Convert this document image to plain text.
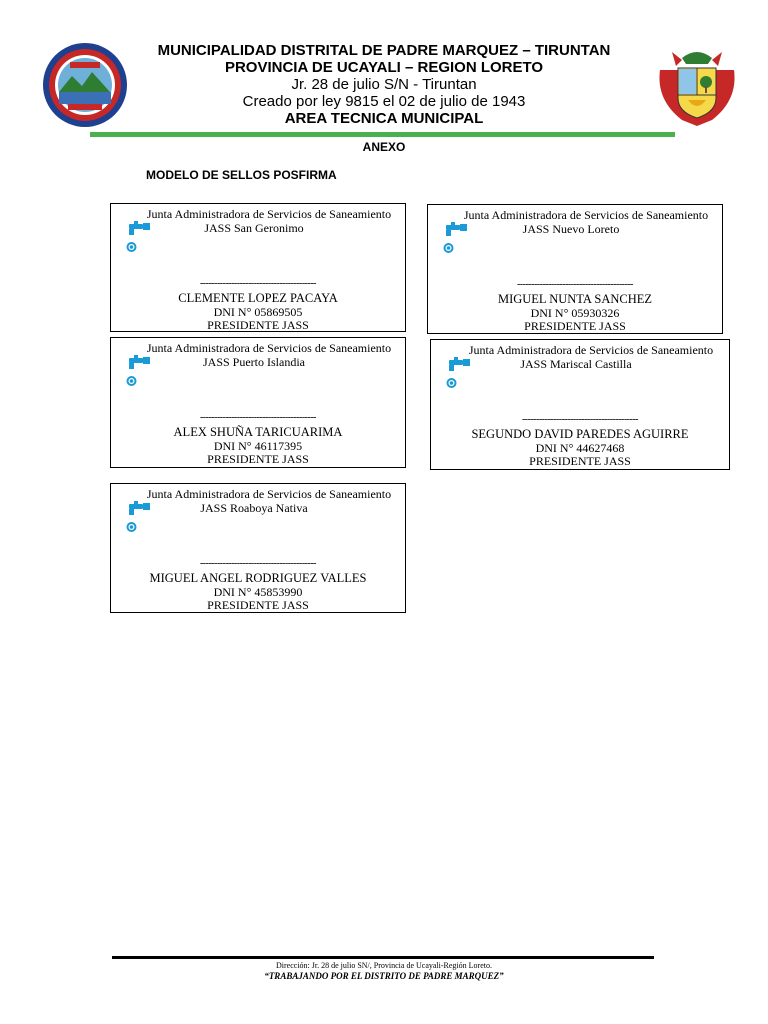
MUNICIPALIDAD DISTRITAL DE PADRE MARQUEZ – TIRUNTAN
PROVINCIA DE UCAYALI – REGION LORETO
Jr. 28 de julio S/N - Tiruntan
Creado por ley 9815 el 02 de julio de 1943
AREA TECNICA MUNICIPAL
ANEXO
MODELO DE SELLOS POSFIRMA
Junta Administradora de Servicios de Saneamiento
JASS San Geronimo
-----------------------------------------
CLEMENTE LOPEZ PACAYA
DNI N° 05869505
PRESIDENTE JASS
Junta Administradora de Servicios de Saneamiento
JASS Nuevo Loreto
-----------------------------------------
MIGUEL NUNTA SANCHEZ
DNI N° 05930326
PRESIDENTE JASS
Junta Administradora de Servicios de Saneamiento
JASS Puerto Islandia
-----------------------------------------
ALEX SHUÑA TARICUARIMA
DNI N° 46117395
PRESIDENTE JASS
Junta Administradora de Servicios de Saneamiento
JASS Mariscal Castilla
-----------------------------------------
SEGUNDO DAVID PAREDES AGUIRRE
DNI N° 44627468
PRESIDENTE JASS
Junta Administradora de Servicios de Saneamiento
JASS Roaboya Nativa
-----------------------------------------
MIGUEL ANGEL RODRIGUEZ VALLES
DNI N° 45853990
PRESIDENTE JASS
Dirección: Jr. 28 de julio SN/, Provincia de Ucayali-Región Loreto.
“TRABAJANDO POR EL DISTRITO DE PADRE MARQUEZ”
